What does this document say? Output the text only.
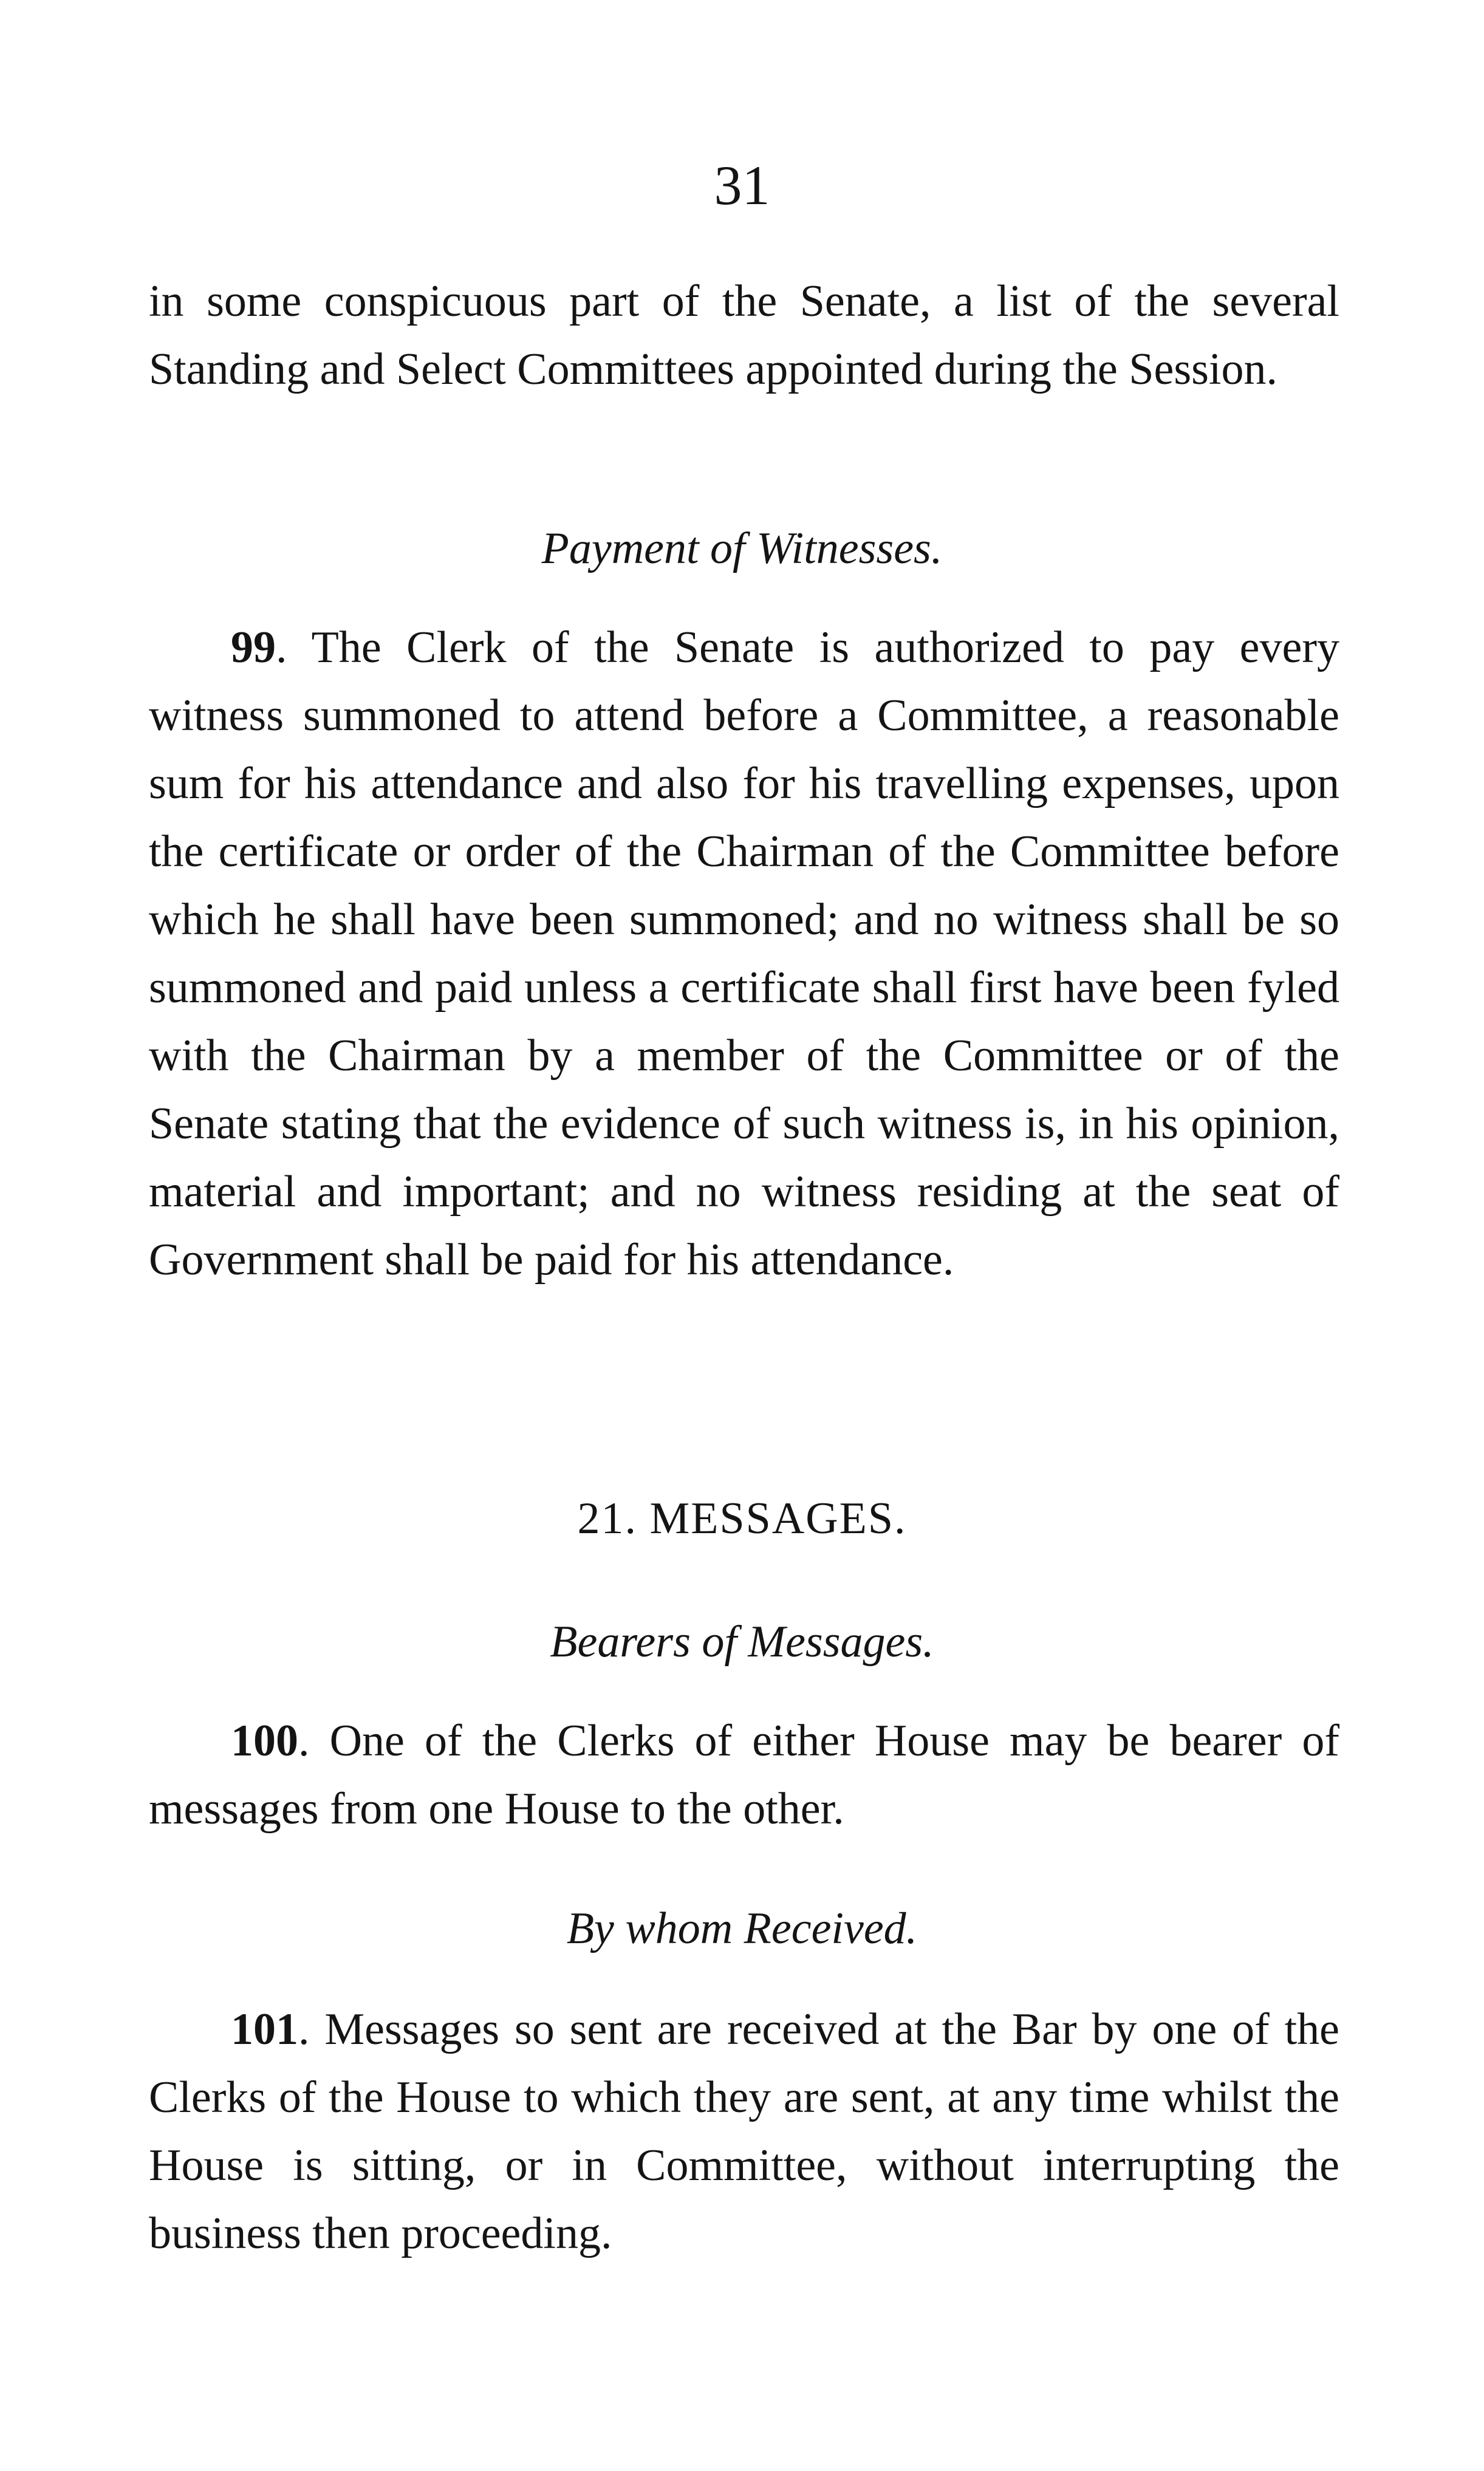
31

in some conspicuous part of the Senate, a list of the several Standing and Select Committees appointed during the Session.

Payment of Witnesses.

99. The Clerk of the Senate is authorized to pay every witness summoned to attend before a Committee, a reasonable sum for his attendance and also for his travelling expenses, upon the certificate or order of the Chairman of the Committee before which he shall have been summoned; and no witness shall be so summoned and paid unless a certificate shall first have been fyled with the Chairman by a member of the Committee or of the Senate stating that the evidence of such witness is, in his opinion, material and important; and no witness residing at the seat of Government shall be paid for his attendance.

21. MESSAGES.
Bearers of Messages.

100. One of the Clerks of either House may be bearer of messages from one House to the other.

By whom Received.

101. Messages so sent are received at the Bar by one of the Clerks of the House to which they are sent, at any time whilst the House is sitting, or in Committee, without interrupting the business then proceeding.
